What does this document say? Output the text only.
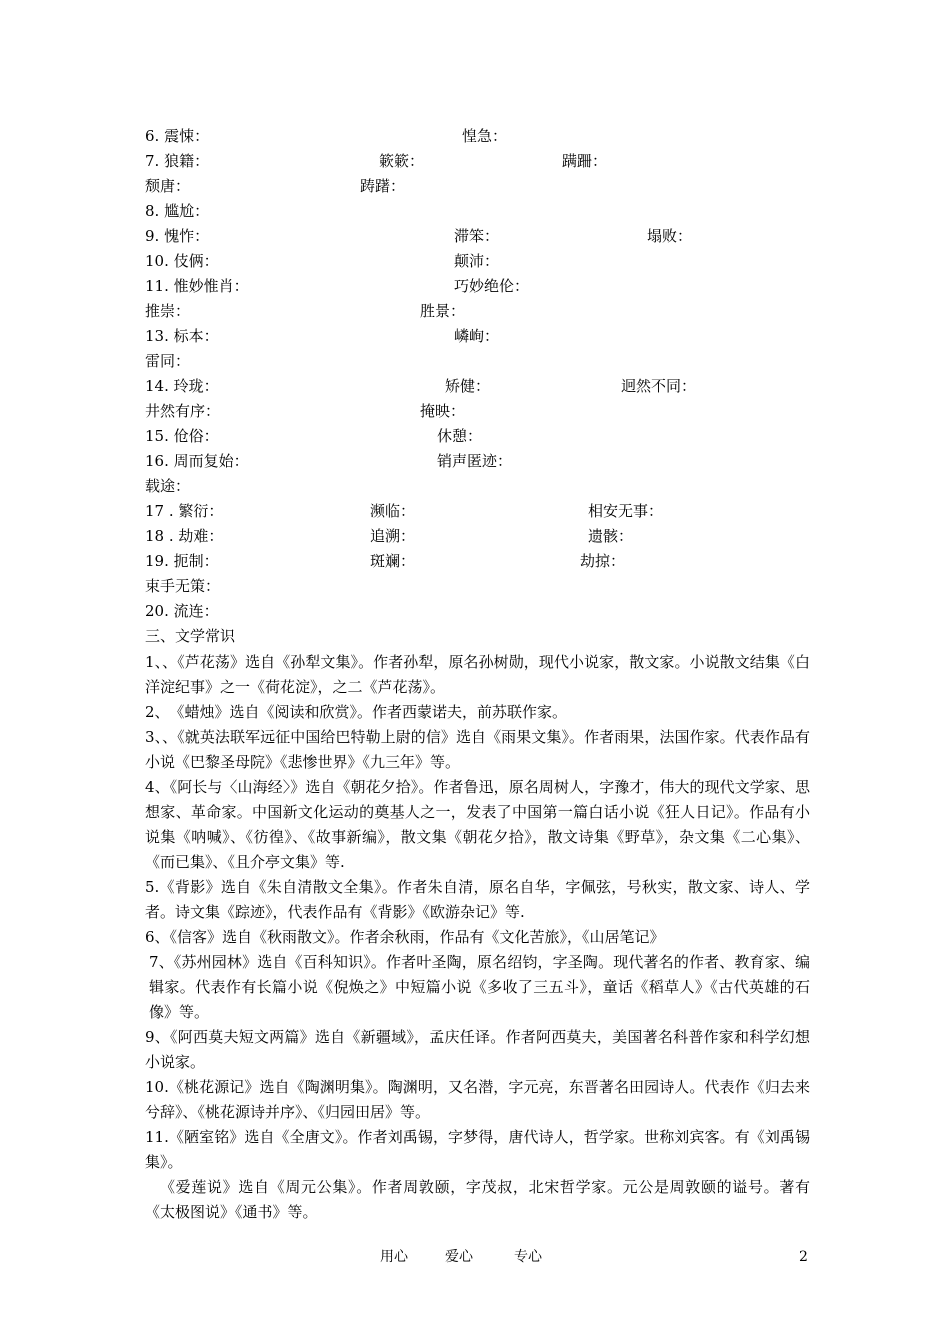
6. 震悚：	惶急：
7. 狼籍：	簌簌：	蹒跚：
颓唐：	踌躇：
8. 尴尬：
9. 愧怍：	滞笨：	塌败：
10. 伎俩：	颠沛：
11. 惟妙惟肖：	巧妙绝伦：
推崇：	胜景：
13. 标本：	嶙峋：
雷同：
14. 玲珑：	矫健：	迥然不同：
井然有序：	掩映：
15. 伧俗：	休憩：
16. 周而复始：	销声匿迹：
载途：
17 . 繁衍：	濒临：	相安无事：
18 . 劫难：	追溯：	遗骸：
19. 扼制：	斑斓：	劫掠：
束手无策：
20. 流连：
三、文学常识
1、、《芦花荡》选自《孙犁文集》。作者孙犁，原名孙树勋，现代小说家，散文家。小说散文结集《白洋淀纪事》之一《荷花淀》，之二《芦花荡》。
2、　《蜡烛》选自《阅读和欣赏》。作者西蒙诺夫，前苏联作家。
3、、《就英法联军远征中国给巴特勒上尉的信》选自《雨果文集》。作者雨果，法国作家。代表作品有小说《巴黎圣母院》《悲惨世界》《九三年》等。
4、《阿长与〈山海经〉》选自《朝花夕拾》。作者鲁迅，原名周树人，字豫才，伟大的现代文学家、思想家、革命家。中国新文化运动的奠基人之一，发表了中国第一篇白话小说《狂人日记》。作品有小说集《呐喊》、《彷徨》、《故事新编》，散文集《朝花夕拾》，散文诗集《野草》，杂文集《二心集》、《而已集》、《且介亭文集》等.
5.《背影》选自《朱自清散文全集》。作者朱自清，原名自华，字佩弦，号秋实，散文家、诗人、学者。诗文集《踪迹》，代表作品有《背影》《欧游杂记》等.
6、《信客》选自《秋雨散文》。作者余秋雨，作品有《文化苦旅》，《山居笔记》
7、《苏州园林》选自《百科知识》。作者叶圣陶，原名绍钧，字圣陶。现代著名的作者、教育家、编辑家。代表作有长篇小说《倪焕之》中短篇小说《多收了三五斗》，童话《稻草人》《古代英雄的石像》等。
9、《阿西莫夫短文两篇》选自《新疆域》，孟庆任译。作者阿西莫夫，美国著名科普作家和科学幻想小说家。
10.《桃花源记》选自《陶渊明集》。陶渊明，又名潜，字元亮，东晋著名田园诗人。代表作《归去来兮辞》、《桃花源诗并序》、《归园田居》等。
11.《陋室铭》选自《全唐文》。作者刘禹锡，字梦得，唐代诗人，哲学家。世称刘宾客。有《刘禹锡集》。
《爱莲说》选自《周元公集》。作者周敦颐，字茂叔，北宋哲学家。元公是周敦颐的谥号。著有《太极图说》《通书》等。
用心	爱心	专心	2
